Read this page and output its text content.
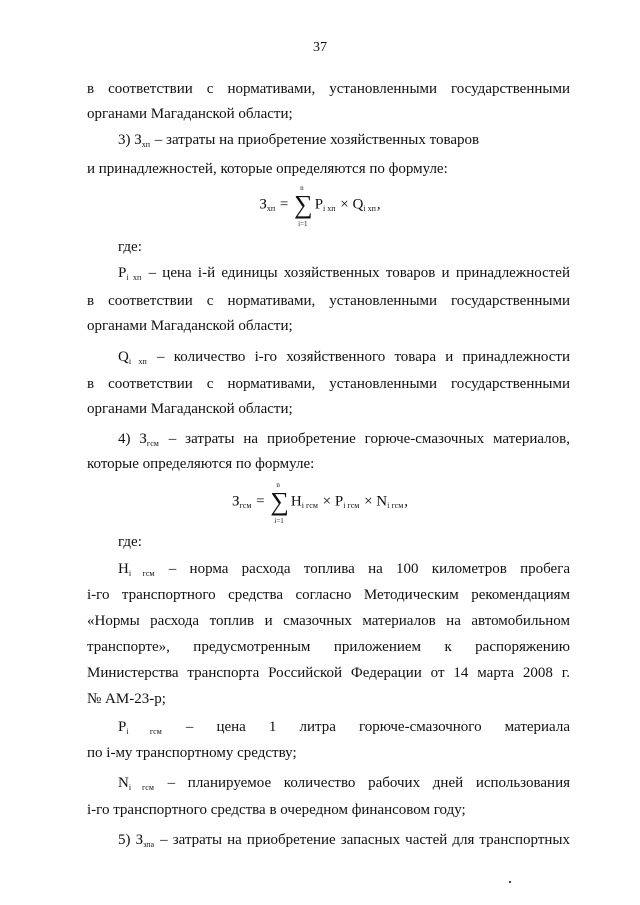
37
в соответствии с нормативами, установленными государственными
органами Магаданской области;
3) $З_{хп}$ – затраты на приобретение хозяйственных товаров
и принадлежностей, которые определяются по формуле:
$З_{хп}$ =
n
∑
i=1
$P_{i хп} \times Q_{i хп}$,
где:
$P_{i хп}$ – цена i-й единицы хозяйственных товаров и принадлежностей
в соответствии с нормативами, установленными государственными
органами Магаданской области;
$Q_{i хп}$ – количество i-го хозяйственного товара и принадлежности
в соответствии с нормативами, установленными государственными
органами Магаданской области;
4) $З_{гсм}$ – затраты на приобретение горюче-смазочных материалов,
которые определяются по формуле:
$З_{гсм}$ =
n
∑
i=1
$H_{i гсм} \times P_{i гсм} \times N_{i гсм}$,
где:
$H_{i гсм}$ – норма расхода топлива на 100 километров пробега
i-го транспортного средства согласно Методическим рекомендациям
«Нормы расхода топлив и смазочных материалов на автомобильном
транспорте», предусмотренным приложением к распоряжению
Министерства транспорта Российской Федерации от 14 марта 2008 г.
№ АМ-23-р;
$P_{i гсм}$ – цена 1 литра горюче-смазочного материала
по i-му транспортному средству;
$N_{i гсм}$ – планируемое количество рабочих дней использования
i-го транспортного средства в очередном финансовом году;
5) $З_{зпа}$ – затраты на приобретение запасных частей для транспортных
